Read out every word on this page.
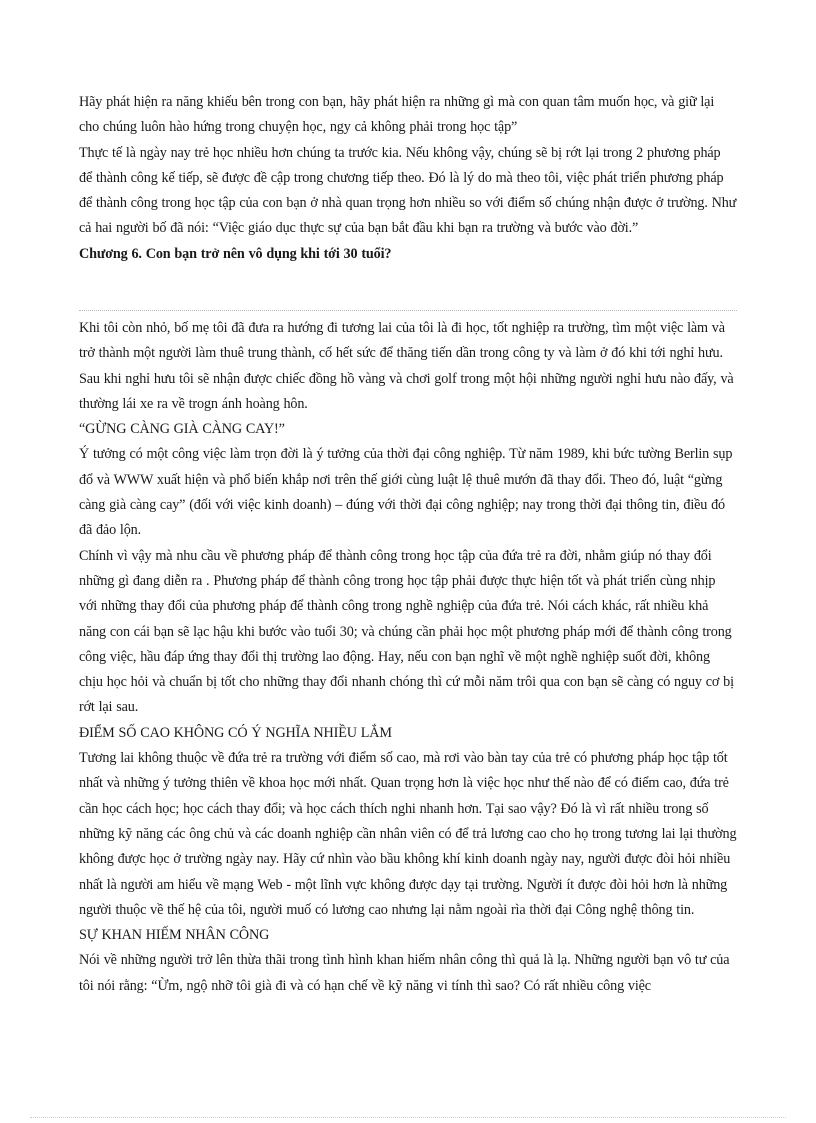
Hãy phát hiện ra năng khiếu bên trong con bạn, hãy phát hiện ra những gì mà con quan tâm muốn học, và giữ lại cho chúng luôn hào hứng trong chuyện học, ngy cả không phải trong học tập”

Thực tế là ngày nay trẻ học nhiều hơn chúng ta trước kia. Nếu không vậy, chúng sẽ bị rớt lại trong 2 phương pháp để thành công kế tiếp, sẽ được đề cập trong chương tiếp theo. Đó là lý do mà theo tôi, việc phát triển phương pháp để thành công trong học tập của con bạn ở nhà quan trọng hơn nhiều so với điểm số chúng nhận được ở trường. Như cả hai người bố đã nói: “Việc giáo dục thực sự của bạn bắt đầu khi bạn ra trường và bước vào đời.”

Chương 6. Con bạn trở nên vô dụng khi tới 30 tuổi?

Khi tôi còn nhỏ, bố mẹ tôi đã đưa ra hướng đi tương lai của tôi là đi học, tốt nghiệp ra trường, tìm một việc làm và trở thành một người làm thuê trung thành, cố hết sức để thăng tiến dần trong công ty và làm ở đó khi tới nghỉ hưu. Sau khi nghỉ hưu tôi sẽ nhận được chiếc đồng hồ vàng và chơi golf trong một hội những người nghỉ hưu nào đấy, và thường lái xe ra về trogn ánh hoàng hôn.

“GỪNG CÀNG GIÀ CÀNG CAY!”

Ý tưởng có một công việc làm trọn đời là ý tưởng của thời đại công nghiệp. Từ năm 1989, khi bức tường Berlin sụp đổ và WWW xuất hiện và phổ biến khắp nơi trên thế giới cùng luật lệ thuê mướn đã thay đổi. Theo đó, luật “gừng càng già càng cay” (đối với việc kinh doanh) – đúng với thời đại công nghiệp; nay trong thời đại thông tin, điều đó đã đảo lộn.

Chính vì vậy mà nhu cầu về phương pháp để thành công trong học tập của đứa trẻ ra đời, nhằm giúp nó thay đổi những gì đang diễn ra . Phương pháp để thành công trong học tập phải được thực hiện tốt và phát triển cùng nhịp với những thay đổi của phương pháp để thành công trong nghề nghiệp của đứa trẻ. Nói cách khác, rất nhiều khả năng con cái bạn sẽ lạc hậu khi bước vào tuổi 30; và chúng cần phải học một phương pháp mới để thành công trong công việc, hầu đáp ứng thay đổi thị trường lao động. Hay, nếu con bạn nghĩ về một nghề nghiệp suốt đời, không chịu học hỏi và chuẩn bị tốt cho những thay đổi nhanh chóng thì cứ mỗi năm trôi qua con bạn sẽ càng có nguy cơ bị rớt lại sau.

ĐIỂM SỐ CAO KHÔNG CÓ Ý NGHĨA NHIỀU LẮM

Tương lai không thuộc về đứa trẻ ra trường với điểm số cao, mà rơi vào bàn tay của trẻ có phương pháp học tập tốt nhất và những ý tưởng thiên về khoa học mới nhất. Quan trọng hơn là việc học như thế nào để có điểm cao, đứa trẻ cần học cách học; học cách thay đổi; và học cách thích nghi nhanh hơn. Tại sao vậy? Đó là vì rất nhiều trong số những kỹ năng các ông chủ và các doanh nghiệp cần nhân viên có để trả lương cao cho họ trong tương lai lại thường không được học ở trường ngày nay. Hãy cứ nhìn vào bầu không khí kinh doanh ngày nay, người được đòi hỏi nhiều nhất là người am hiểu về mạng Web - một lĩnh vực không được dạy tại trường. Người ít được đòi hỏi hơn là những người thuộc về thế hệ của tôi, người muố có lương cao nhưng lại nằm ngoài rìa thời đại Công nghệ thông tin.

SỰ KHAN HIẾM NHÂN CÔNG

Nói về những người trở lên thừa thãi trong tình hình khan hiếm nhân công thì quả là lạ. Những người bạn vô tư của tôi nói rằng: “Ừm, ngộ nhỡ tôi già đi và có hạn chế về kỹ năng vi tính thì sao? Có rất nhiều công việc
